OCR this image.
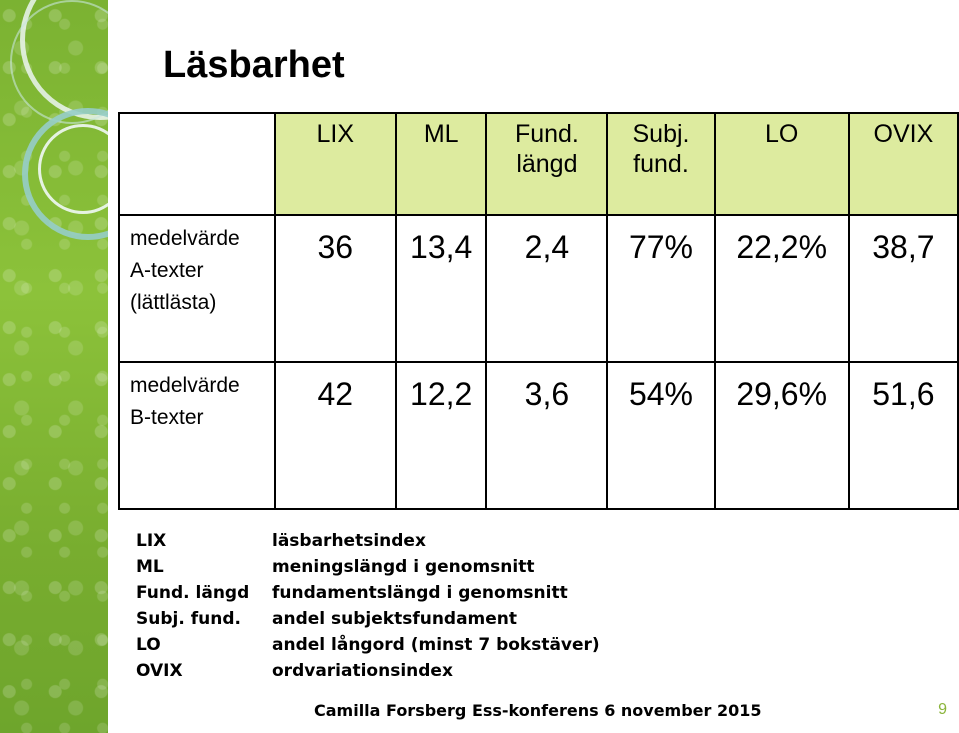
Läsbarhet
	LIX	ML	Fund. längd	Subj. fund.	LO	OVIX

medelvärde
A-texter
(lättlästa)	36	13,4	2,4	77%	22,2%	38,7

medelvärde
B-texter	42	12,2	3,6	54%	29,6%	51,6
LIX	läsbarhetsindex
ML	meningslängd i genomsnitt
Fund. längd	fundamentslängd i genomsnitt
Subj. fund.	andel subjektsfundament
LO	andel långord (minst 7 bokstäver)
OVIX	ordvariationsindex
Camilla Forsberg Ess-konferens 6 november 2015	9
